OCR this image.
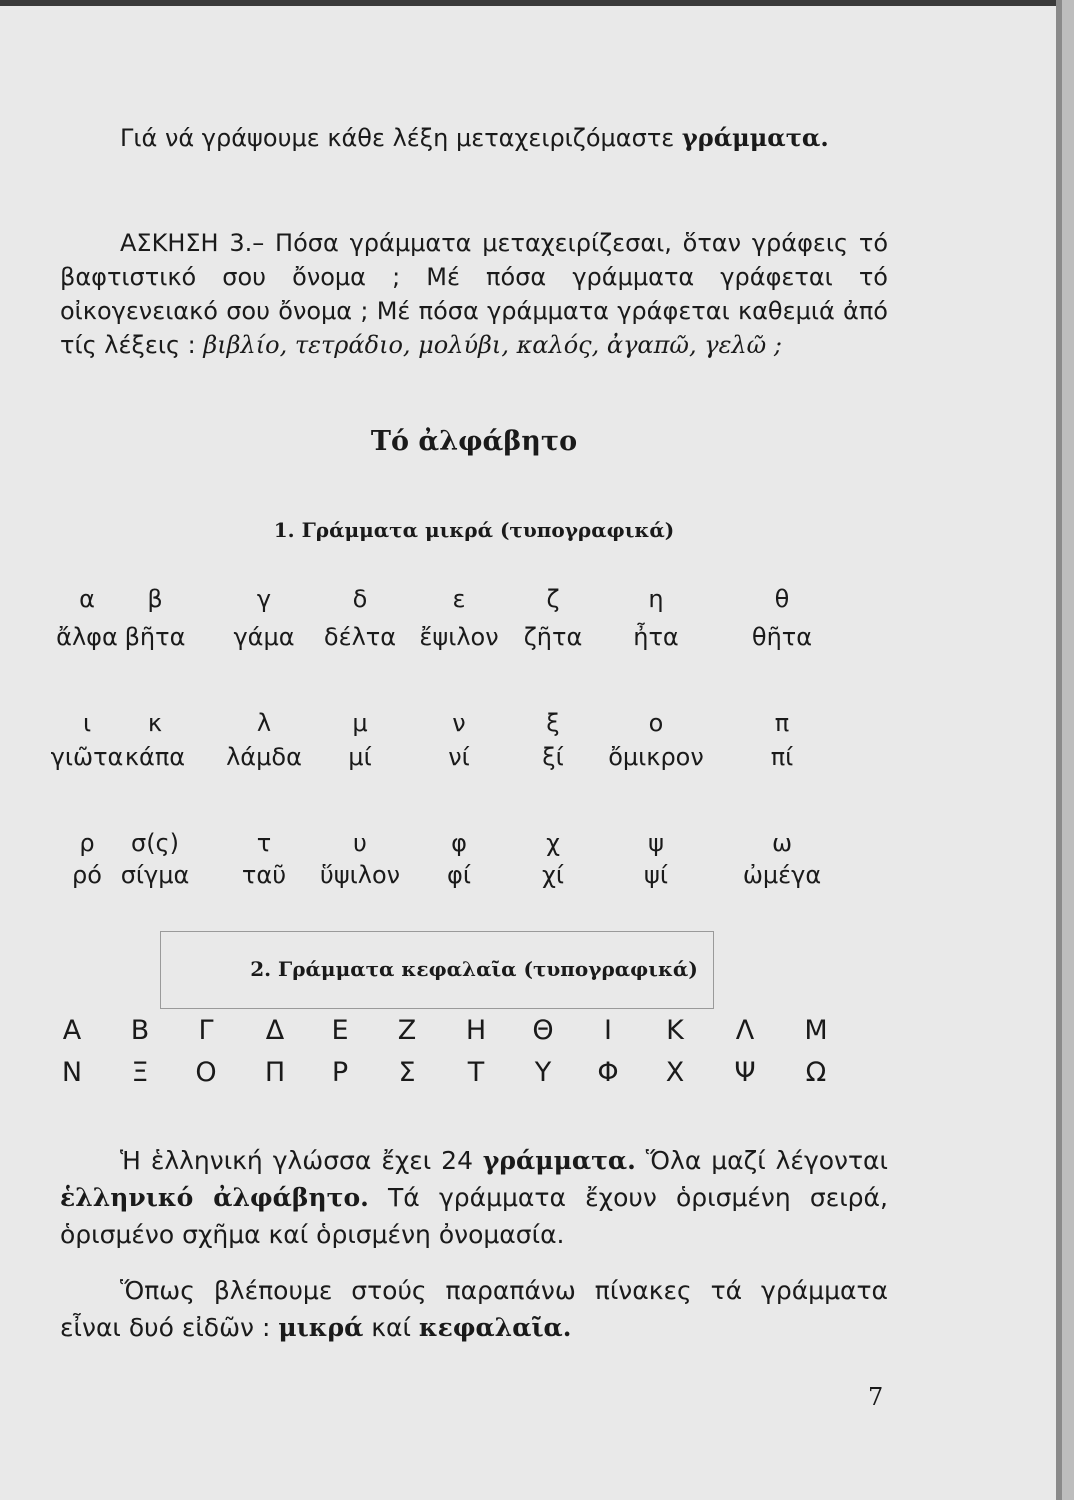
Γιά νά γράψουμε κάθε λέξη μεταχειριζόμαστε γράμματα.

ΑΣΚΗΣΗ 3.– Πόσα γράμματα μεταχειρίζεσαι, ὅταν γράφεις τό βαφτιστικό σου ὄνομα ; Μέ πόσα γράμματα γράφεται τό οἰκογενειακό σου ὄνομα ; Μέ πόσα γράμματα γράφεται καθεμιά ἀπό τίς λέξεις : βιβλίο, τετράδιο, μολύβι, καλός, ἀγαπῶ, γελῶ ;

Τό ἀλφάβητο
1. Γράμματα μικρά (τυπογραφικά)
α β	γ	δ	ε	ζ	η	θ
ἄλφα βῆτα γάμα δέλτα ἔψιλον ζῆτα ἦτα	θῆτα
ι κ	λ	μ	ν	ξ	ο	π
γιῶτα κάπα λάμδα μί	νί	ξί ὄμικρον	πί
ρ σ(ς)	τ	υ	φ	χ	ψ	ω
ρό σίγμα ταῦ ὕψιλον φί	χί	ψί	ὠμέγα
2. Γράμματα κεφαλαῖα (τυπογραφικά)
Α Β Γ Δ Ε Ζ Η Θ Ι Κ Λ Μ
Ν Ξ Ο Π Ρ Σ Τ Υ Φ Χ Ψ Ω

Ἡ ἑλληνική γλώσσα ἔχει 24 γράμματα. Ὅλα μαζί λέγονται ἑλληνικό ἀλφάβητο. Τά γράμματα ἔχουν ὁρισμένη σειρά, ὁρισμένο σχῆμα καί ὁρισμένη ὀνομασία.

Ὅπως βλέπουμε στούς παραπάνω πίνακες τά γράμματα εἶναι δυό εἰδῶν : μικρά καί κεφαλαῖα.

7
